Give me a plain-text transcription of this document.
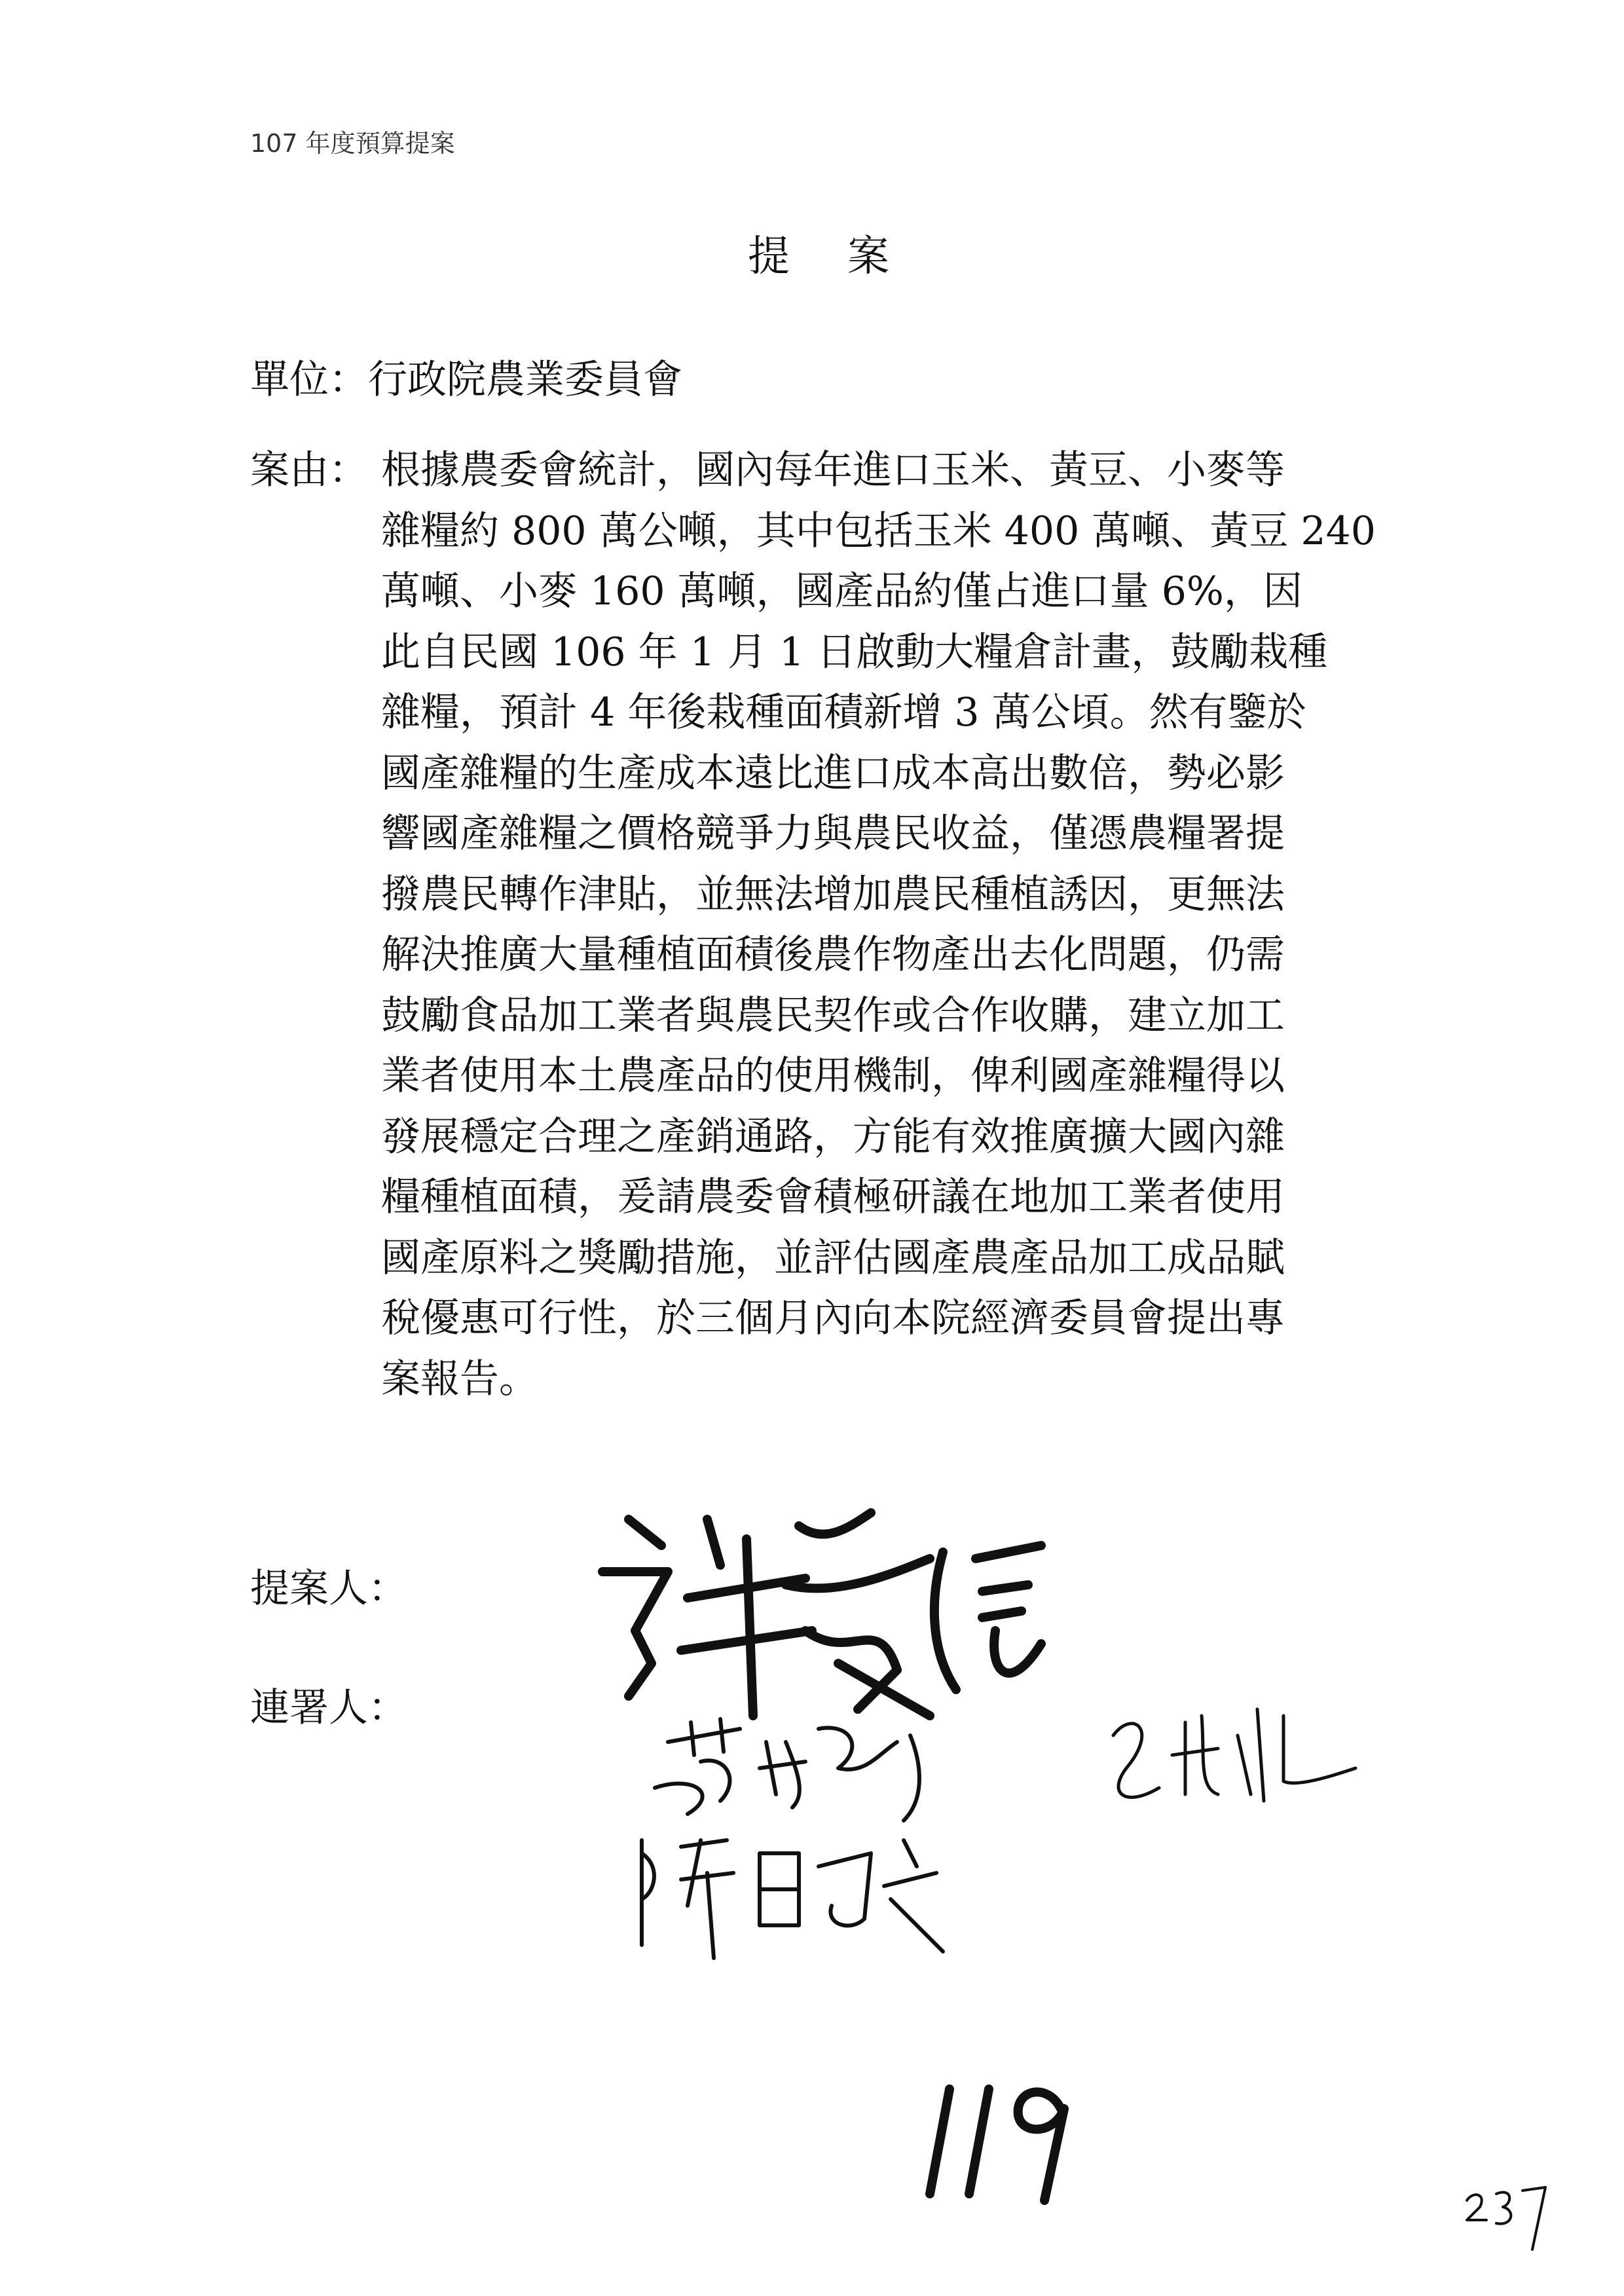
107 年度預算提案
提案
單位：行政院農業委員會
案由： 根據農委會統計，國內每年進口玉米、黃豆、小麥等
雜糧約 800 萬公噸，其中包括玉米 400 萬噸、黃豆 240
萬噸、小麥 160 萬噸，國產品約僅占進口量 6%，因
此自民國 106 年 1 月 1 日啟動大糧倉計畫，鼓勵栽種
雜糧，預計 4 年後栽種面積新增 3 萬公頃。然有鑒於
國產雜糧的生產成本遠比進口成本高出數倍，勢必影
響國產雜糧之價格競爭力與農民收益，僅憑農糧署提
撥農民轉作津貼，並無法增加農民種植誘因，更無法
解決推廣大量種植面積後農作物產出去化問題，仍需
鼓勵食品加工業者與農民契作或合作收購，建立加工
業者使用本土農產品的使用機制，俾利國產雜糧得以
發展穩定合理之產銷通路，方能有效推廣擴大國內雜
糧種植面積，爰請農委會積極研議在地加工業者使用
國產原料之獎勵措施，並評估國產農產品加工成品賦
稅優惠可行性，於三個月內向本院經濟委員會提出專
案報告。
提案人：
連署人：
